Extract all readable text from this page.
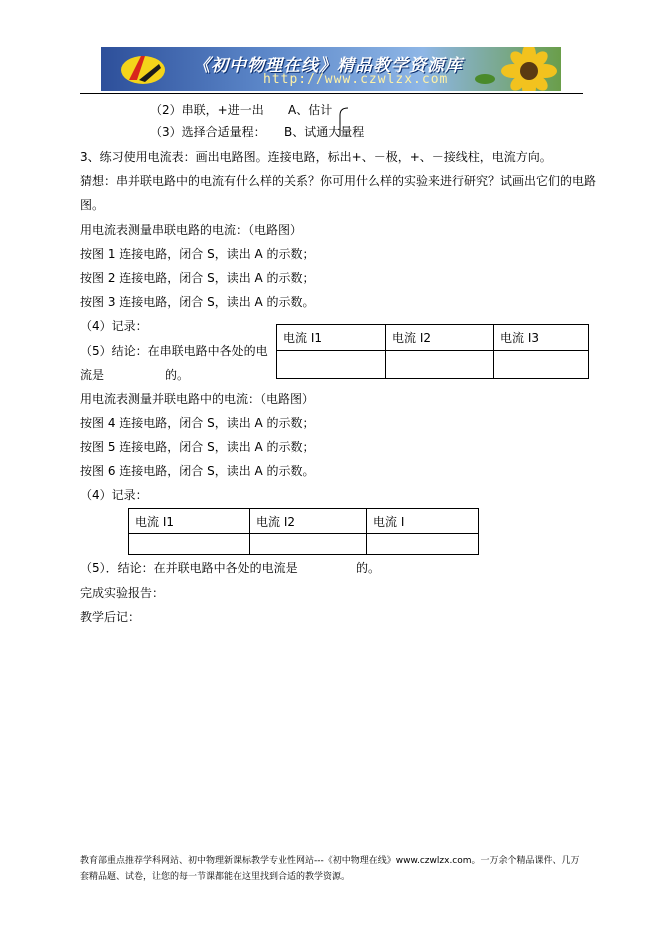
《初中物理在线》精品教学资源库
http://www.czwlzx.com
（2）串联，+进一出 A、估计
（3）选择合适量程： B、试通大量程
3、练习使用电流表：画出电路图。连接电路，标出+、－极，+、－接线柱，电流方向。
猜想：串并联电路中的电流有什么样的关系？你可用什么样的实验来进行研究？试画出它们的电路
图。
用电流表测量串联电路的电流：（电路图）
按图 1 连接电路，闭合 S，读出 A 的示数；
按图 2 连接电路，闭合 S，读出 A 的示数；
按图 3 连接电路，闭合 S，读出 A 的示数。
（4）记录：
（5）结论：在串联电路中各处的电
流是	的。
电流 I1	电流 I2	电流 I3

用电流表测量并联电路中的电流：（电路图）
按图 4 连接电路，闭合 S，读出 A 的示数；
按图 5 连接电路，闭合 S，读出 A 的示数；
按图 6 连接电路，闭合 S，读出 A 的示数。
（4）记录：
电流 I1	电流 I2	电流 I

（5）．结论：在并联电路中各处的电流是	的。
完成实验报告：
教学后记：
教育部重点推荐学科网站、初中物理新课标教学专业性网站---《初中物理在线》www.czwlzx.com。一万余个精品课件、几万套精品题、试卷，让您的每一节课都能在这里找到合适的教学资源。
